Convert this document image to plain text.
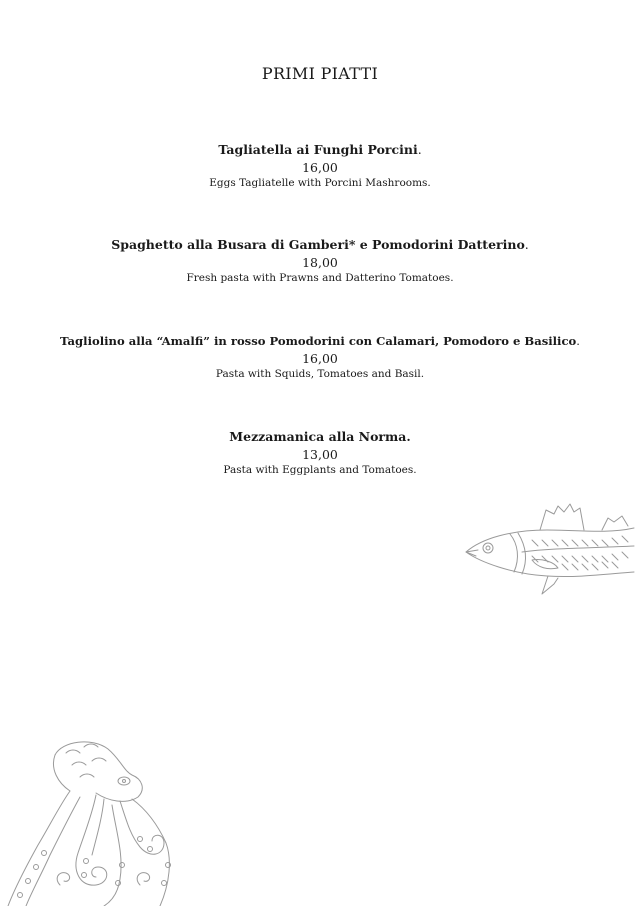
PRIMI PIATTI
Tagliatella ai Funghi Porcini.
16,00
Eggs Tagliatelle with Porcini Mashrooms.
Spaghetto alla Busara di Gamberi* e Pomodorini Datterino.
18,00
Fresh pasta with Prawns and Datterino Tomatoes.
Tagliolino alla “Amalfi” in rosso Pomodorini con Calamari, Pomodoro e Basilico.
16,00
Pasta with Squids, Tomatoes and Basil.
Mezzamanica alla Norma.
13,00
Pasta with Eggplants and Tomatoes.
